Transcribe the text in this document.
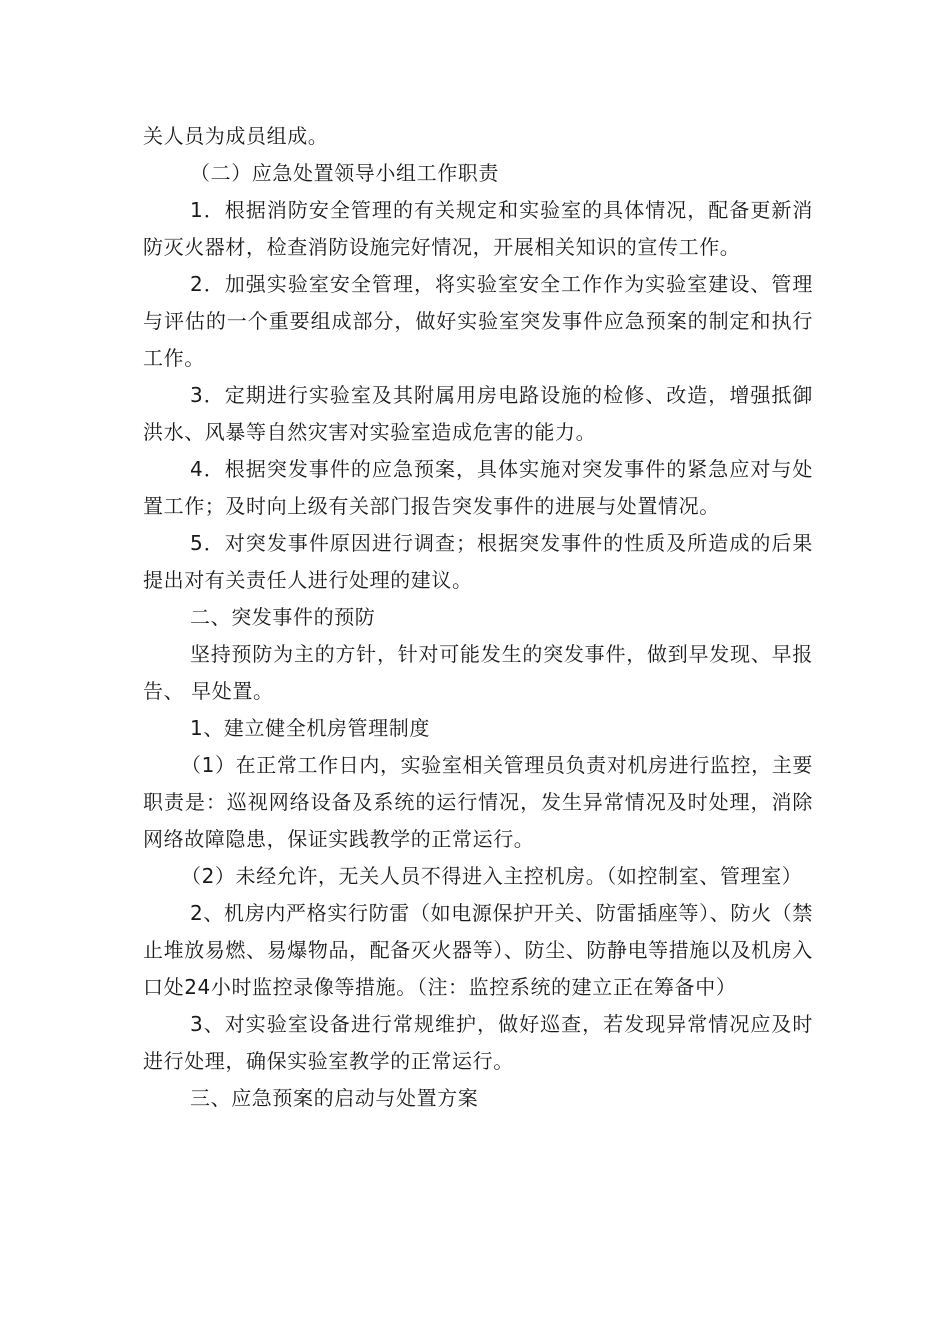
关人员为成员组成。

（二）应急处置领导小组工作职责

1．根据消防安全管理的有关规定和实验室的具体情况，配备更新消防灭火器材，检查消防设施完好情况，开展相关知识的宣传工作。

2．加强实验室安全管理，将实验室安全工作作为实验室建设、管理与评估的一个重要组成部分，做好实验室突发事件应急预案的制定和执行工作。

3．定期进行实验室及其附属用房电路设施的检修、改造，增强抵御洪水、风暴等自然灾害对实验室造成危害的能力。

4．根据突发事件的应急预案，具体实施对突发事件的紧急应对与处置工作；及时向上级有关部门报告突发事件的进展与处置情况。

5．对突发事件原因进行调查；根据突发事件的性质及所造成的后果提出对有关责任人进行处理的建议。

二、突发事件的预防

坚持预防为主的方针，针对可能发生的突发事件，做到早发现、早报告、 早处置。

1、建立健全机房管理制度

（1）在正常工作日内，实验室相关管理员负责对机房进行监控，主要职责是：巡视网络设备及系统的运行情况，发生异常情况及时处理，消除网络故障隐患，保证实践教学的正常运行。

（2）未经允许，无关人员不得进入主控机房。（如控制室、管理室）

2、机房内严格实行防雷（如电源保护开关、防雷插座等）、防火（禁止堆放易燃、易爆物品，配备灭火器等）、防尘、防静电等措施以及机房入口处24小时监控录像等措施。（注：监控系统的建立正在筹备中）

3、对实验室设备进行常规维护，做好巡查，若发现异常情况应及时进行处理，确保实验室教学的正常运行。

三、应急预案的启动与处置方案
